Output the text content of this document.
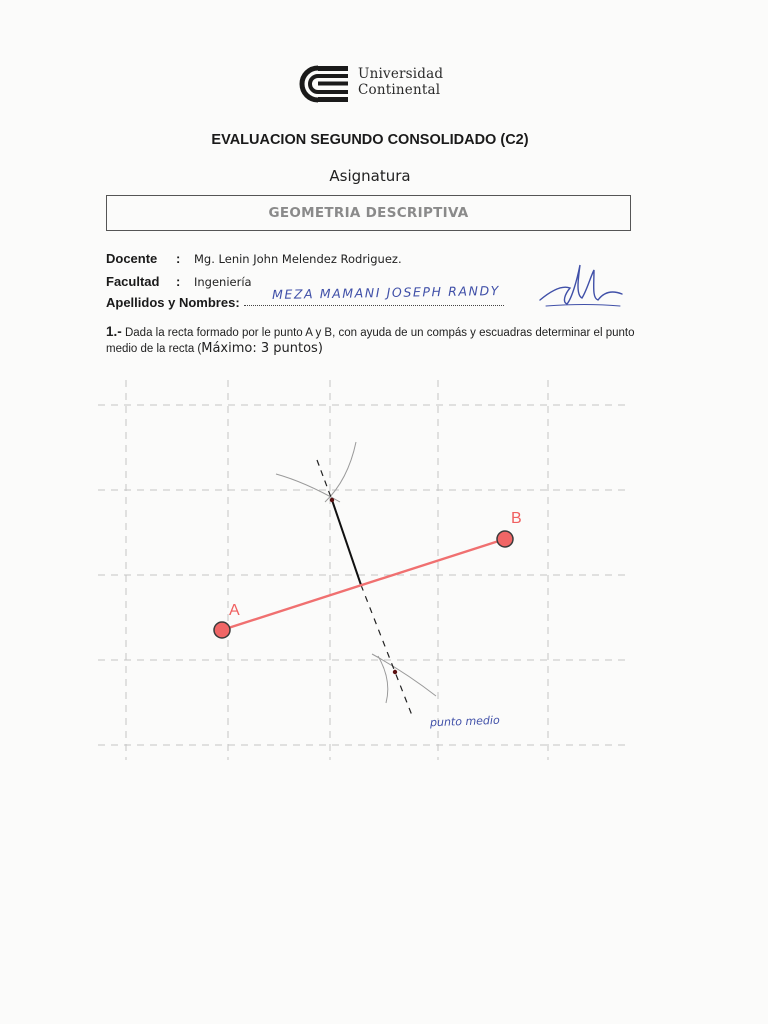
Universidad
Continental
EVALUACION SEGUNDO CONSOLIDADO (C2)
Asignatura
GEOMETRIA DESCRIPTIVA
Docente : Mg. Lenin John Melendez Rodriguez.
Facultad : Ingeniería
Apellidos y Nombres:
MEZA MAMANI JOSEPH RANDY
1.- Dada la recta formado por le punto A y B, con ayuda de un compás y escuadras determinar el punto medio de la recta (Máximo: 3 puntos)
A
B
punto medio
